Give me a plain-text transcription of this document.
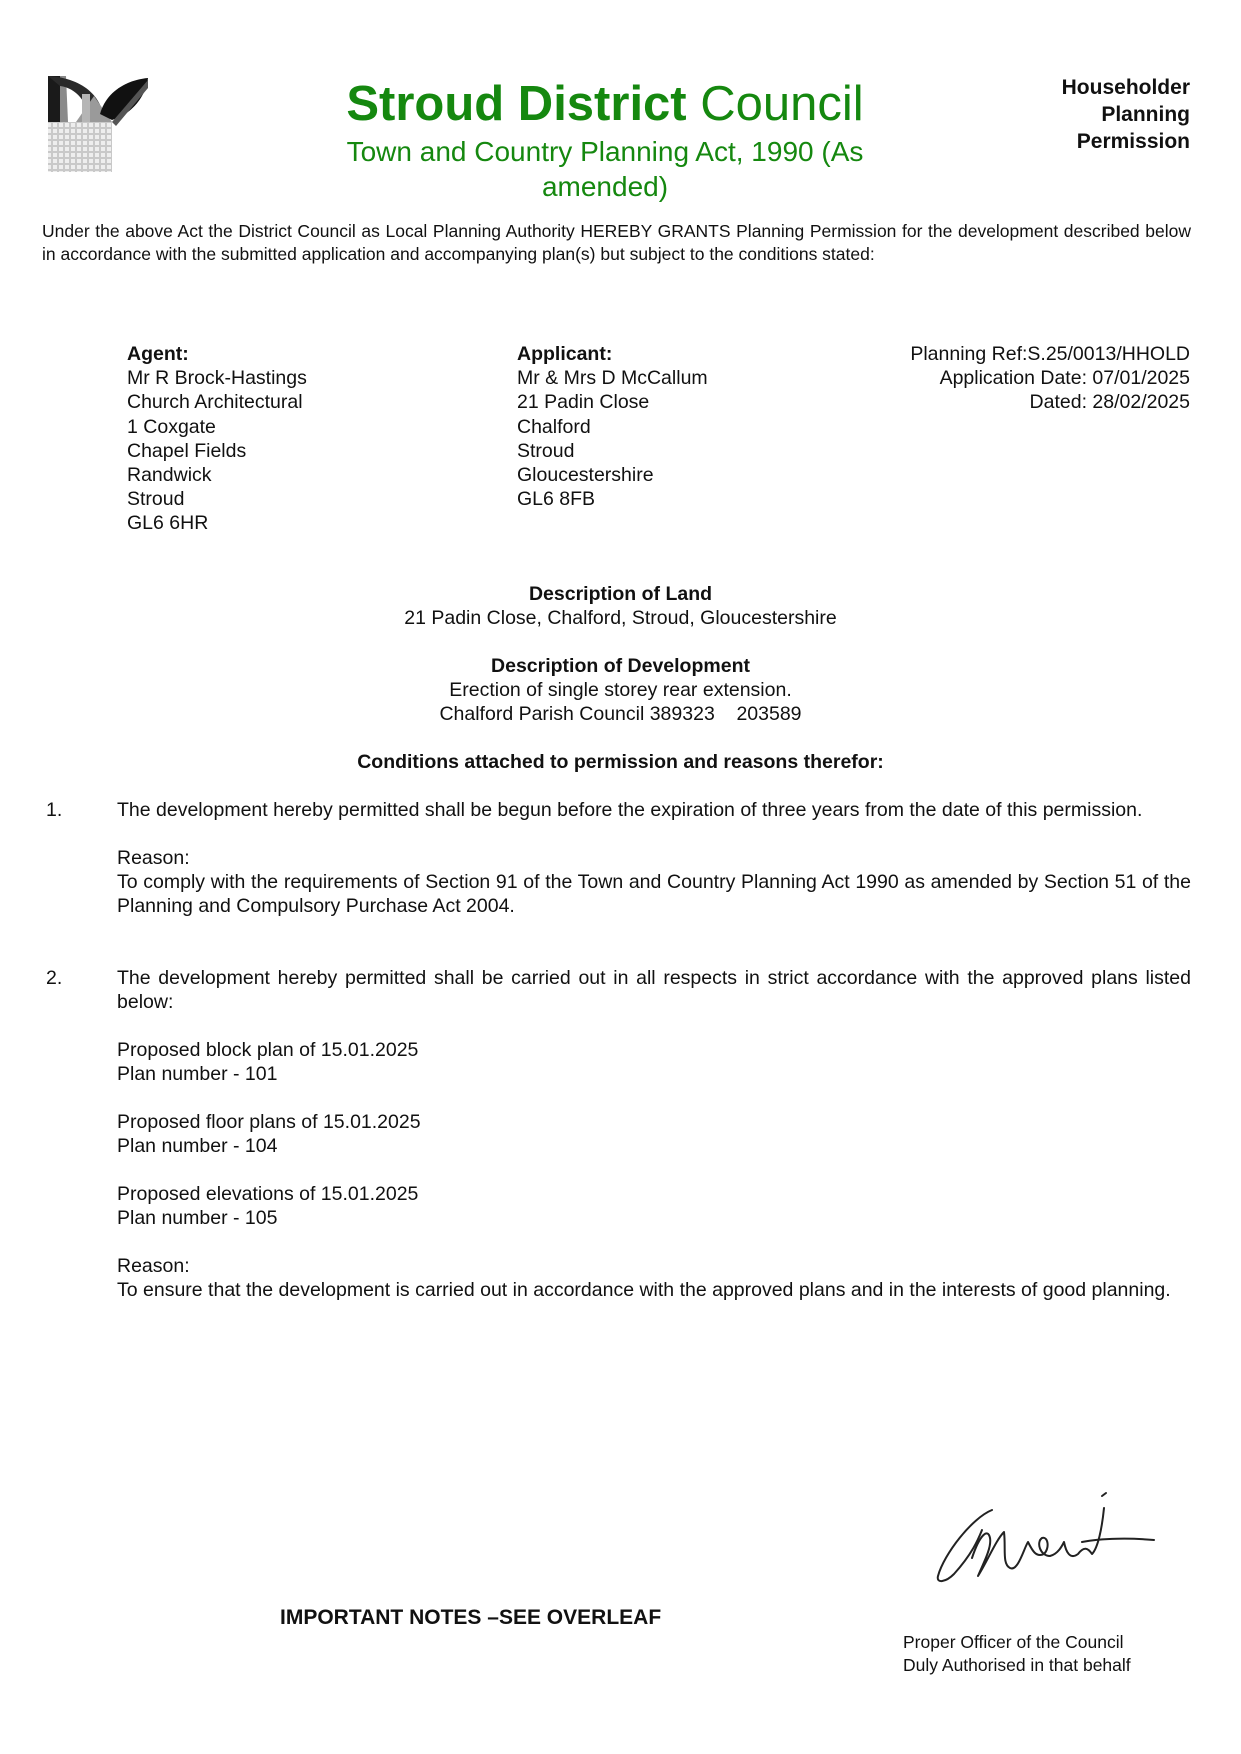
Stroud District Council
Town and Country Planning Act, 1990 (As amended)
Householder
Planning
Permission
Under the above Act the District Council as Local Planning Authority HEREBY GRANTS Planning Permission for the development described below in accordance with the submitted application and accompanying plan(s) but subject to the conditions stated:
Agent:
Mr R Brock-Hastings
Church Architectural
1 Coxgate
Chapel Fields
Randwick
Stroud
GL6 6HR
Applicant:
Mr & Mrs D McCallum
21 Padin Close
Chalford
Stroud
Gloucestershire
GL6 8FB
Planning Ref:S.25/0013/HHOLD
Application Date: 07/01/2025
Dated: 28/02/2025
Description of Land
21 Padin Close, Chalford, Stroud, Gloucestershire
Description of Development
Erection of single storey rear extension.
Chalford Parish Council 389323    203589
Conditions attached to permission and reasons therefor:
1.	The development hereby permitted shall be begun before the expiration of three years from the date of this permission.

Reason:
To comply with the requirements of Section 91 of the Town and Country Planning Act 1990 as amended by Section 51 of the Planning and Compulsory Purchase Act 2004.

2.	The development hereby permitted shall be carried out in all respects in strict accordance with the approved plans listed below:

Proposed block plan of 15.01.2025
Plan number - 101

Proposed floor plans of 15.01.2025
Plan number - 104

Proposed elevations of 15.01.2025
Plan number - 105

Reason:
To ensure that the development is carried out in accordance with the approved plans and in the interests of good planning.

IMPORTANT NOTES –SEE OVERLEAF
Proper Officer of the Council
Duly Authorised in that behalf
